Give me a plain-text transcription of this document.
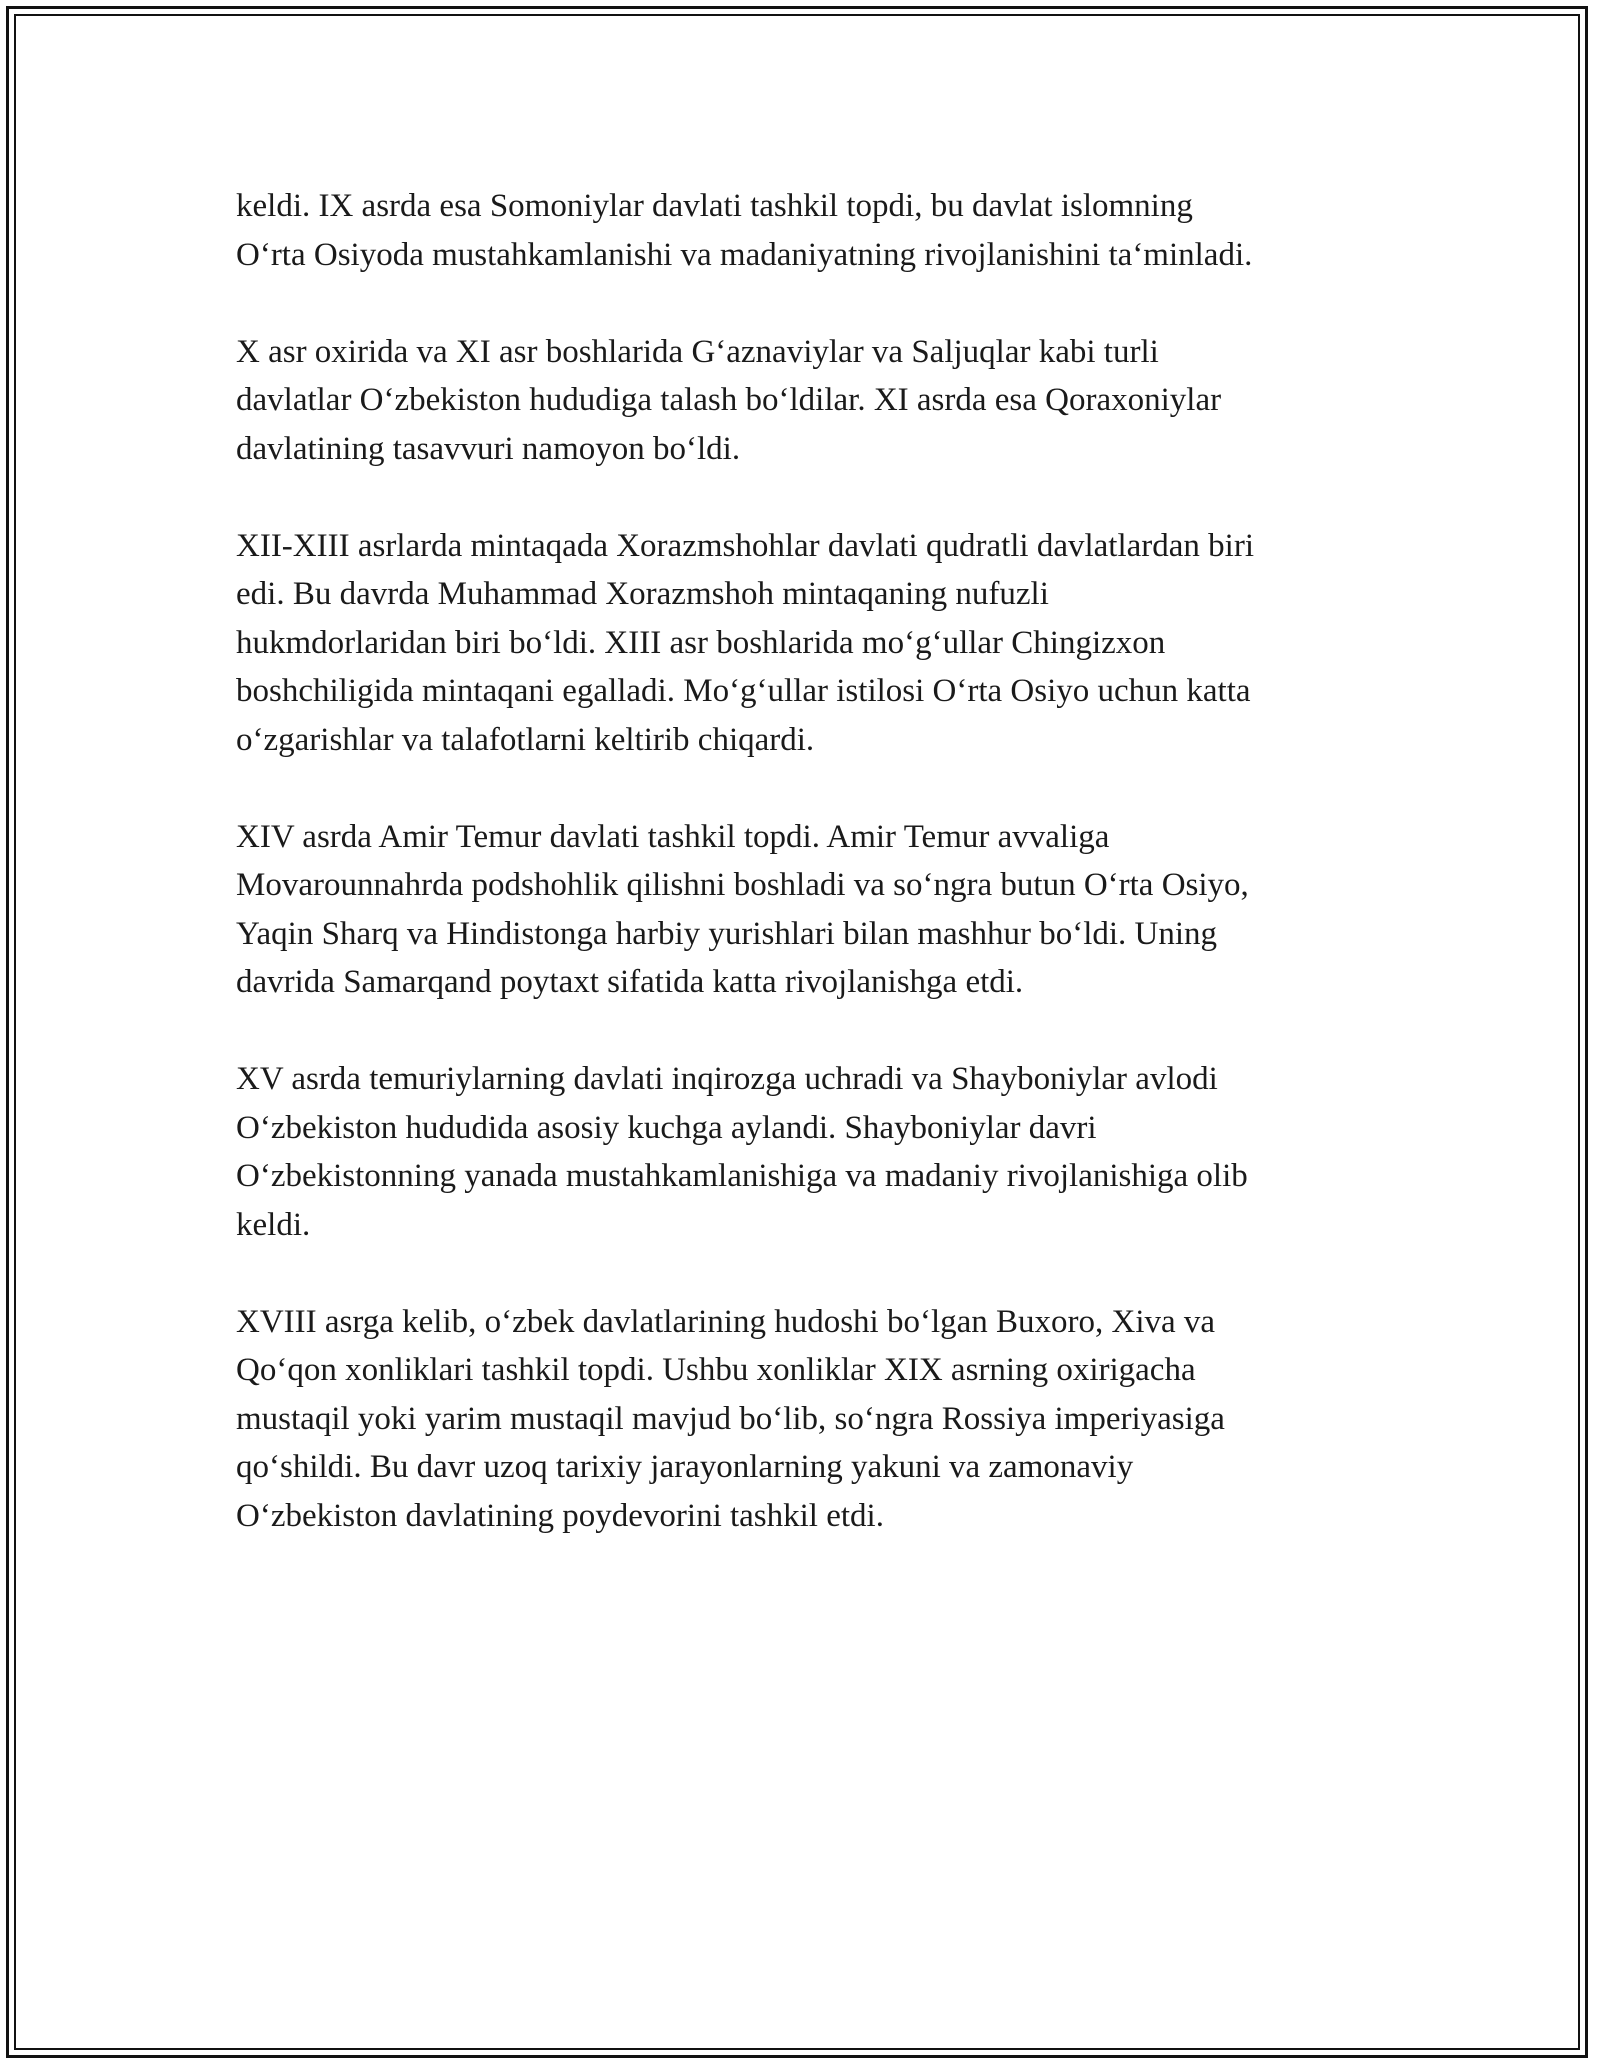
keldi. IX asrda esa Somoniylar davlati tashkil topdi, bu davlat islomning
O‘rta Osiyoda mustahkamlanishi va madaniyatning rivojlanishini ta‘minladi.

X asr oxirida va XI asr boshlarida G‘aznaviylar va Saljuqlar kabi turli
davlatlar O‘zbekiston hududiga talash bo‘ldilar. XI asrda esa Qoraxoniylar
davlatining tasavvuri namoyon bo‘ldi.

XII-XIII asrlarda mintaqada Xorazmshohlar davlati qudratli davlatlardan biri
edi. Bu davrda Muhammad Xorazmshoh mintaqaning nufuzli
hukmdorlaridan biri bo‘ldi. XIII asr boshlarida mo‘g‘ullar Chingizxon
boshchiligida mintaqani egalladi. Mo‘g‘ullar istilosi O‘rta Osiyo uchun katta
o‘zgarishlar va talafotlarni keltirib chiqardi.

XIV asrda Amir Temur davlati tashkil topdi. Amir Temur avvaliga
Movarounnahrda podshohlik qilishni boshladi va so‘ngra butun O‘rta Osiyo,
Yaqin Sharq va Hindistonga harbiy yurishlari bilan mashhur bo‘ldi. Uning
davrida Samarqand poytaxt sifatida katta rivojlanishga etdi.

XV asrda temuriylarning davlati inqirozga uchradi va Shayboniylar avlodi
O‘zbekiston hududida asosiy kuchga aylandi. Shayboniylar davri
O‘zbekistonning yanada mustahkamlanishiga va madaniy rivojlanishiga olib
keldi.

XVIII asrga kelib, o‘zbek davlatlarining hudoshi bo‘lgan Buxoro, Xiva va
Qo‘qon xonliklari tashkil topdi. Ushbu xonliklar XIX asrning oxirigacha
mustaqil yoki yarim mustaqil mavjud bo‘lib, so‘ngra Rossiya imperiyasiga
qo‘shildi. Bu davr uzoq tarixiy jarayonlarning yakuni va zamonaviy
O‘zbekiston davlatining poydevorini tashkil etdi.
